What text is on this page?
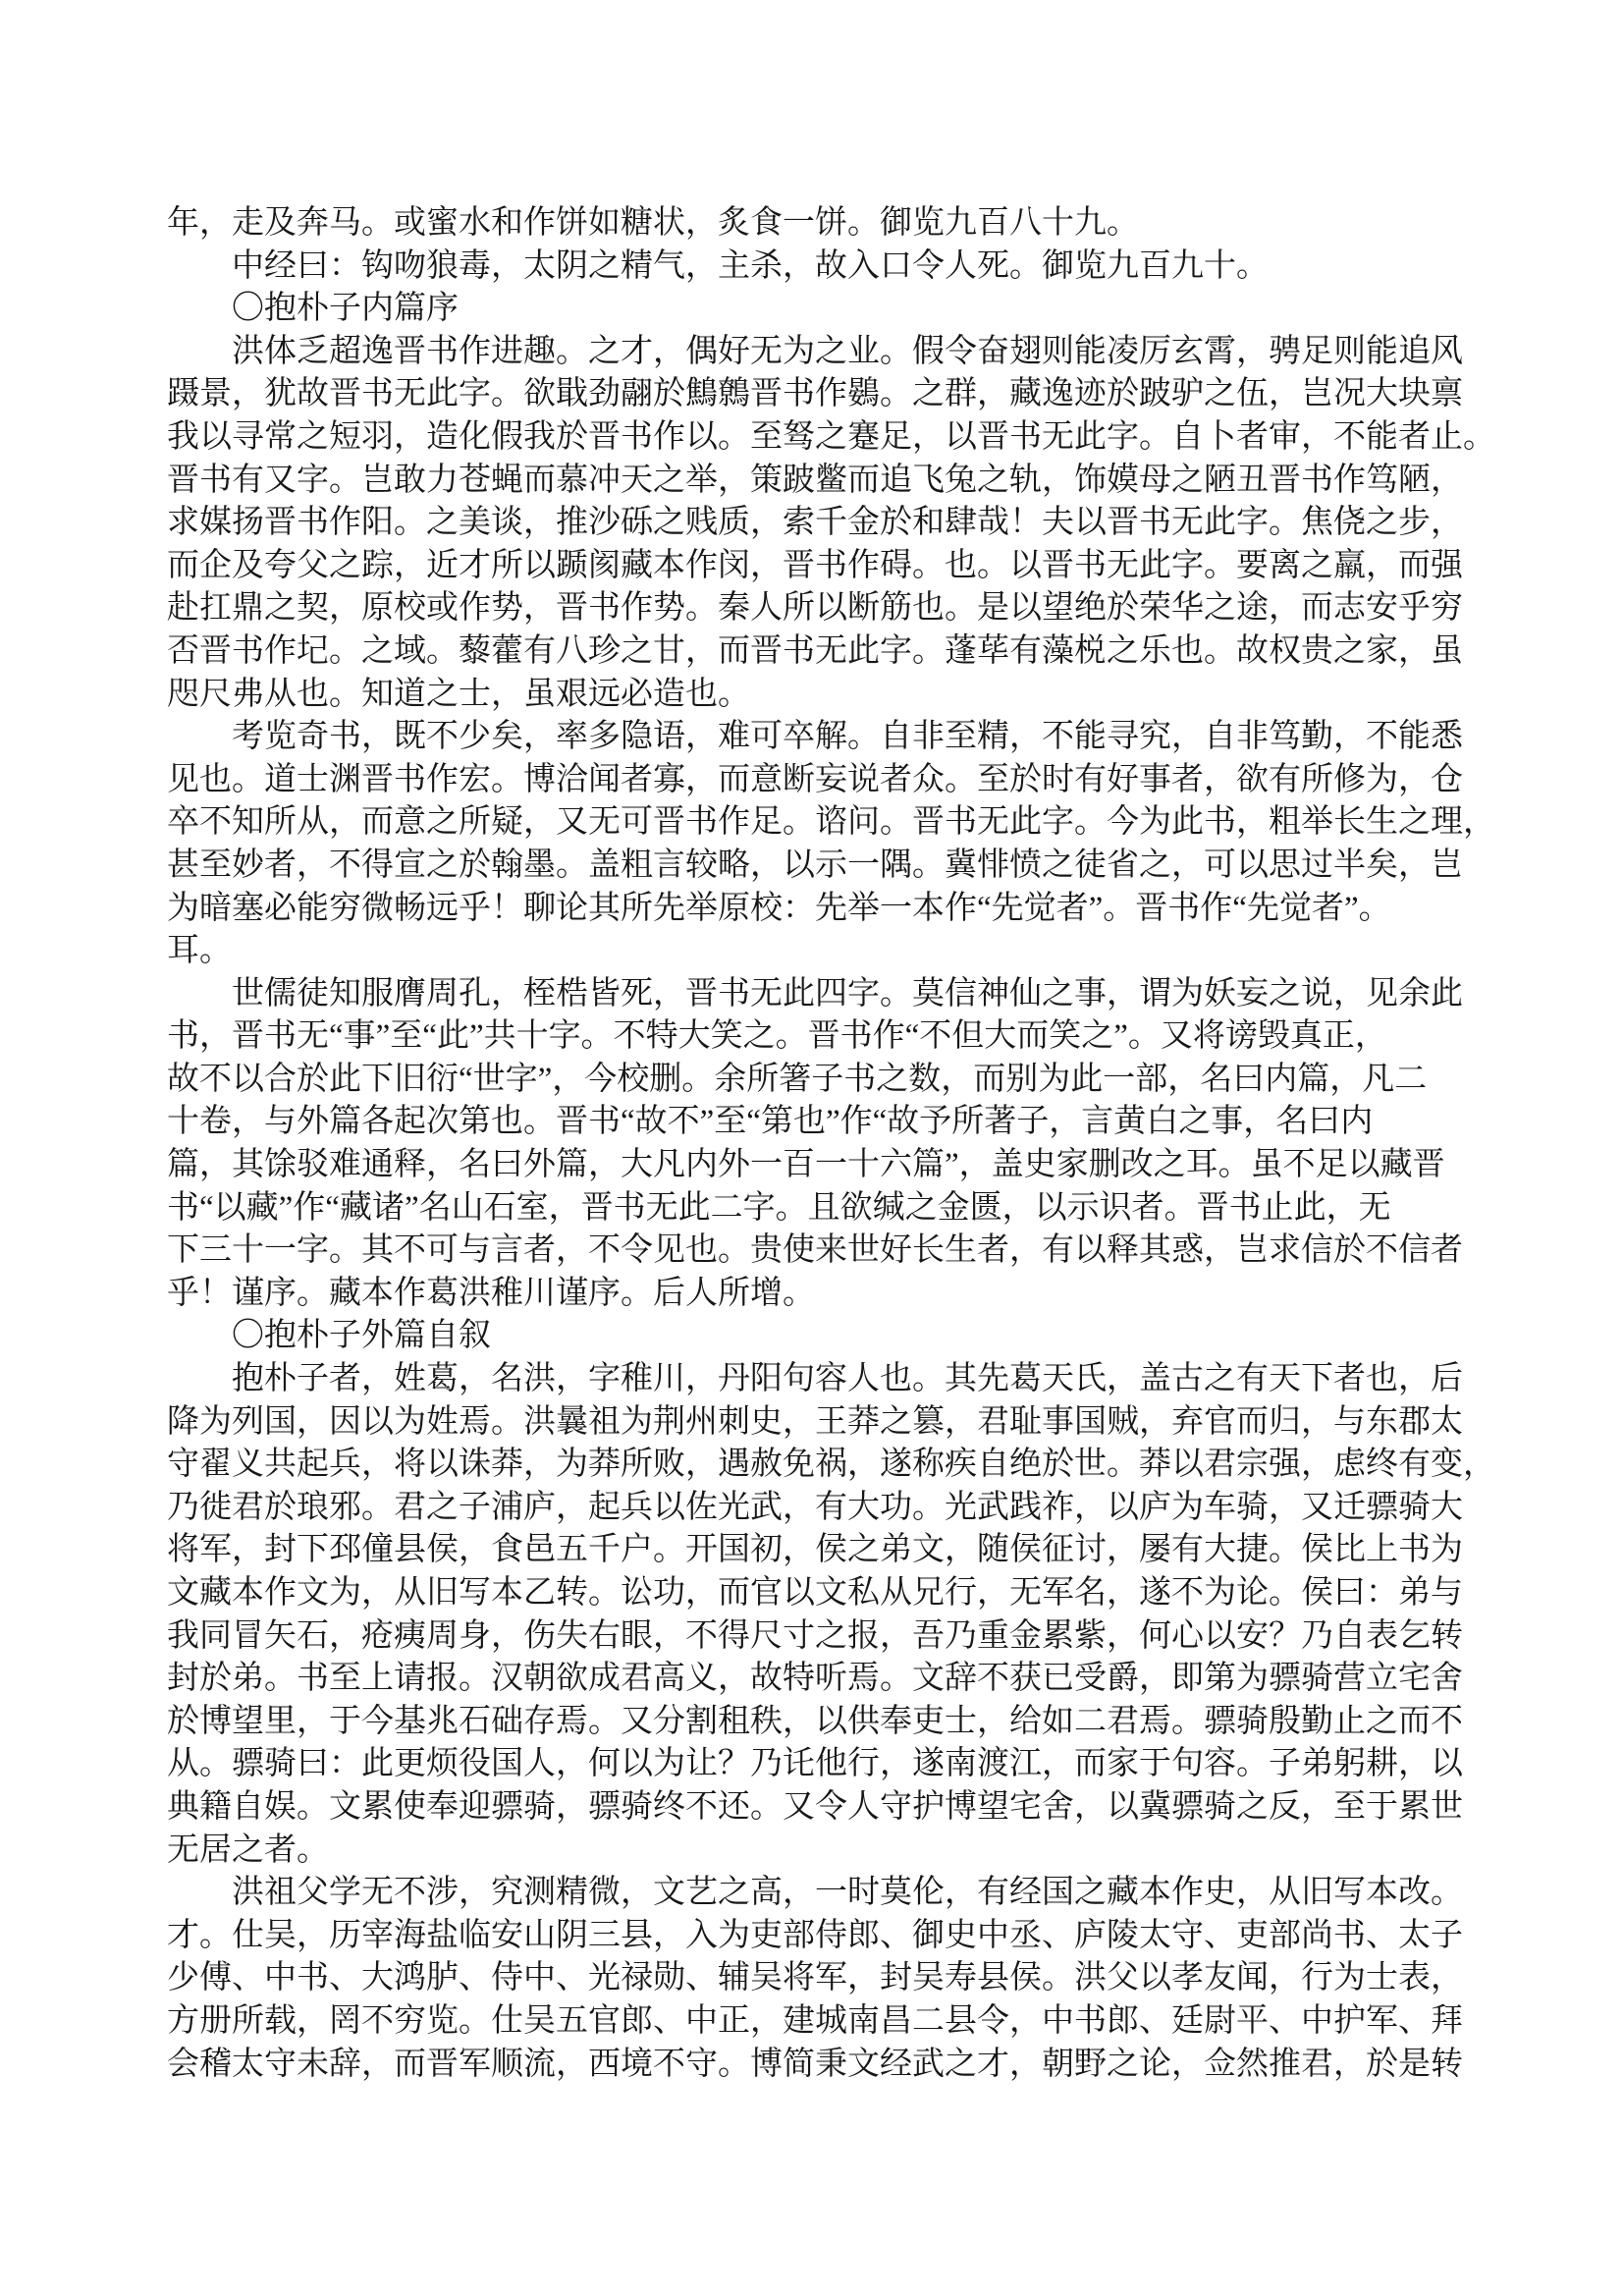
年，走及奔马。或蜜水和作饼如糖状，炙食一饼。御览九百八十九。
中经曰：钩吻狼毒，太阴之精气，主杀，故入口令人死。御览九百九十。
〇抱朴子内篇序
洪体乏超逸晋书作进趣。之才，偶好无为之业。假令奋翅则能凌厉玄霄，骋足则能追风
蹑景，犹故晋书无此字。欲戢劲翮於鷦鷯晋书作鷃。之群，藏逸迹於跛驴之伍，岂况大块禀
我以寻常之短羽，造化假我於晋书作以。至驽之蹇足，以晋书无此字。自卜者审，不能者止。
晋书有又字。岂敢力苍蝇而慕冲天之举，策跛鳖而追飞兔之轨，饰嫫母之陋丑晋书作笃陋，
求媒扬晋书作阳。之美谈，推沙砾之贱质，索千金於和肆哉！夫以晋书无此字。焦侥之步，
而企及夸父之踪，近才所以踬阂藏本作闵，晋书作碍。也。以晋书无此字。要离之羸，而强
赴扛鼎之契，原校或作势，晋书作势。秦人所以断筋也。是以望绝於荣华之途，而志安乎穷
否晋书作圮。之域。藜藿有八珍之甘，而晋书无此字。蓬荜有藻棁之乐也。故权贵之家，虽
咫尺弗从也。知道之士，虽艰远必造也。
考览奇书，既不少矣，率多隐语，难可卒解。自非至精，不能寻究，自非笃勤，不能悉
见也。道士渊晋书作宏。博洽闻者寡，而意断妄说者众。至於时有好事者，欲有所修为，仓
卒不知所从，而意之所疑，又无可晋书作足。谘问。晋书无此字。今为此书，粗举长生之理，
甚至妙者，不得宣之於翰墨。盖粗言较略，以示一隅。冀悱愤之徒省之，可以思过半矣，岂
为暗塞必能穷微畅远乎！聊论其所先举原校：先举一本作“先觉者”。晋书作“先觉者”。
耳。
世儒徒知服膺周孔，桎梏皆死，晋书无此四字。莫信神仙之事，谓为妖妄之说，见余此
书，晋书无“事”至“此”共十字。不特大笑之。晋书作“不但大而笑之”。又将谤毁真正，
故不以合於此下旧衍“世字”，今校删。余所箸子书之数，而别为此一部，名曰内篇，凡二
十卷，与外篇各起次第也。晋书“故不”至“第也”作“故予所著子，言黄白之事，名曰内
篇，其馀驳难通释，名曰外篇，大凡内外一百一十六篇”，盖史家删改之耳。虽不足以藏晋
书“以藏”作“藏诸”名山石室，晋书无此二字。且欲缄之金匮，以示识者。晋书止此，无
下三十一字。其不可与言者，不令见也。贵使来世好长生者，有以释其惑，岂求信於不信者
乎！谨序。藏本作葛洪稚川谨序。后人所增。
〇抱朴子外篇自叙
抱朴子者，姓葛，名洪，字稚川，丹阳句容人也。其先葛天氏，盖古之有天下者也，后
降为列国，因以为姓焉。洪曩祖为荆州刺史，王莽之篡，君耻事国贼，弃官而归，与东郡太
守翟义共起兵，将以诛莽，为莽所败，遇赦免祸，遂称疾自绝於世。莽以君宗强，虑终有变，
乃徙君於琅邪。君之子浦庐，起兵以佐光武，有大功。光武践祚，以庐为车骑，又迁骠骑大
将军，封下邳僮县侯，食邑五千户。开国初，侯之弟文，随侯征讨，屡有大捷。侯比上书为
文藏本作文为，从旧写本乙转。讼功，而官以文私从兄行，无军名，遂不为论。侯曰：弟与
我同冒矢石，疮痍周身，伤失右眼，不得尺寸之报，吾乃重金累紫，何心以安？乃自表乞转
封於弟。书至上请报。汉朝欲成君高义，故特听焉。文辞不获已受爵，即第为骠骑营立宅舍
於博望里，于今基兆石础存焉。又分割租秩，以供奉吏士，给如二君焉。骠骑殷勤止之而不
从。骠骑曰：此更烦役国人，何以为让？乃讬他行，遂南渡江，而家于句容。子弟躬耕，以
典籍自娱。文累使奉迎骠骑，骠骑终不还。又令人守护博望宅舍，以冀骠骑之反，至于累世
无居之者。
洪祖父学无不涉，究测精微，文艺之高，一时莫伦，有经国之藏本作史，从旧写本改。
才。仕吴，历宰海盐临安山阴三县，入为吏部侍郎、御史中丞、庐陵太守、吏部尚书、太子
少傅、中书、大鸿胪、侍中、光禄勋、辅吴将军，封吴寿县侯。洪父以孝友闻，行为士表，
方册所载，罔不穷览。仕吴五官郎、中正，建城南昌二县令，中书郎、廷尉平、中护军、拜
会稽太守未辞，而晋军顺流，西境不守。博简秉文经武之才，朝野之论，佥然推君，於是转
